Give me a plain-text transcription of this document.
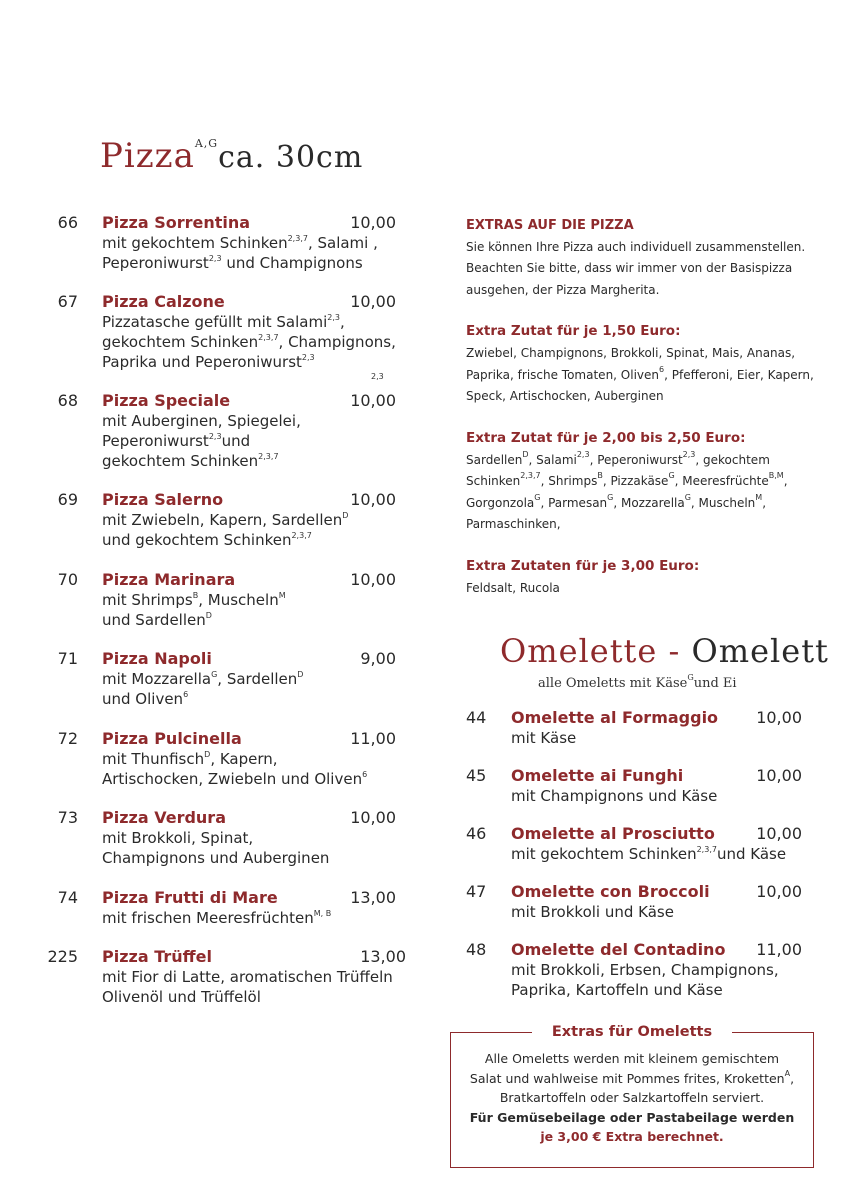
Pizza$^{A,G}$ca. 30cm
66 Pizza Sorrentina	10,00
mit gekochtem Schinken$^{2,3,7}$, Salami ,
Peperoniwurst$^{2,3}$ und Champignons
67 Pizza Calzone	10,00
Pizzatasche gefüllt mit Salami$^{2,3}$,
gekochtem Schinken$^{2,3,7}$, Champignons,
Paprika und Peperoniwurst$^{2,3}$
68 Pizza Speciale	10,00
2,3
mit Auberginen, Spiegelei,
Peperoniwurst$^{2,3}$und
gekochtem Schinken$^{2,3,7}$
69 Pizza Salerno	10,00
mit Zwiebeln, Kapern, Sardellen$^D$
und gekochtem Schinken$^{2,3,7}$
70 Pizza Marinara	10,00
mit Shrimps$^B$, Muscheln$^M$
und Sardellen$^D$
71 Pizza Napoli	9,00
mit Mozzarella$^G$, Sardellen$^D$
und Oliven$^6$
72 Pizza Pulcinella	11,00
mit Thunfisch$^D$, Kapern,
Artischocken, Zwiebeln und Oliven$^6$
73 Pizza Verdura	10,00
mit Brokkoli, Spinat,
Champignons und Auberginen
74 Pizza Frutti di Mare	13,00
mit frischen Meeresfrüchten$^{M, B}$
225 Pizza Trüffel	13,00
mit Fior di Latte, aromatischen Trüffeln
Olivenöl und Trüffelöl
EXTRAS AUF DIE PIZZA

Sie können Ihre Pizza auch individuell zusammenstellen. Beachten Sie bitte, dass wir immer von der Basispizza ausgehen, der Pizza Margherita.

Extra Zutat für je 1,50 Euro:

Zwiebel, Champignons, Brokkoli, Spinat, Mais, Ananas, Paprika, frische Tomaten, Oliven$^6$, Pfefferoni, Eier, Kapern, Speck, Artischocken, Auberginen

Extra Zutat für je 2,00 bis 2,50 Euro:

Sardellen$^D$, Salami$^{2,3}$, Peperoniwurst$^{2,3}$, gekochtem Schinken$^{2,3,7}$, Shrimps$^B$, Pizzakäse$^G$, Meeresfrüchte$^{B,M}$, Gorgonzola$^G$, Parmesan$^G$, Mozzarella$^G$, Muscheln$^M$, Parmaschinken,

Extra Zutaten für je 3,00 Euro:

Feldsalt, Rucola

Omelette - Omelett
alle Omeletts mit Käse$^G$und Ei
44 Omelette al Formaggio	10,00
mit Käse
45 Omelette ai Funghi	10,00
mit Champignons und Käse
46 Omelette al Prosciutto	10,00
mit gekochtem Schinken$^{2,3,7}$und Käse
47 Omelette con Broccoli	10,00
mit Brokkoli und Käse
48 Omelette del Contadino	11,00
mit Brokkoli, Erbsen, Champignons,
Paprika, Kartoffeln und Käse
Extras für Omeletts
Alle Omeletts werden mit kleinem gemischtem
Salat und wahlweise mit Pommes frites, Kroketten$^A$,
Bratkartoffeln oder Salzkartoffeln serviert.
Für Gemüsebeilage oder Pastabeilage werden
je 3,00 € Extra berechnet.
